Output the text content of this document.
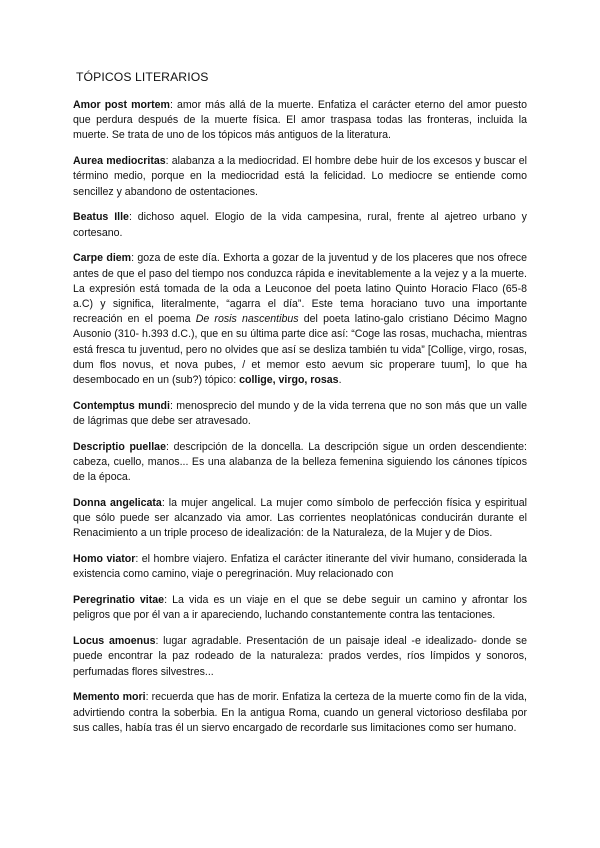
TÓPICOS LITERARIOS

Amor post mortem: amor más allá de la muerte. Enfatiza el carácter eterno del amor puesto que perdura después de la muerte física. El amor traspasa todas las fronteras, incluida la muerte. Se trata de uno de los tópicos más antiguos de la literatura.

Aurea mediocritas: alabanza a la mediocridad. El hombre debe huir de los excesos y buscar el término medio, porque en la mediocridad está la felicidad. Lo mediocre se entiende como sencillez y abandono de ostentaciones.

Beatus Ille: dichoso aquel. Elogio de la vida campesina, rural, frente al ajetreo urbano y cortesano.

Carpe diem: goza de este día. Exhorta a gozar de la juventud y de los placeres que nos ofrece antes de que el paso del tiempo nos conduzca rápida e inevitablemente a la vejez y a la muerte. La expresión está tomada de la oda a Leuconoe del poeta latino Quinto Horacio Flaco (65-8 a.C) y significa, literalmente, “agarra el día”. Este tema horaciano tuvo una importante recreación en el poema De rosis nascentibus del poeta latino-galo cristiano Décimo Magno Ausonio (310- h.393 d.C.), que en su última parte dice así: “Coge las rosas, muchacha, mientras está fresca tu juventud, pero no olvides que así se desliza también tu vida” [Collige, virgo, rosas, dum flos novus, et nova pubes, / et memor esto aevum sic properare tuum], lo que ha desembocado en un (sub?) tópico: collige, virgo, rosas.

Contemptus mundi: menosprecio del mundo y de la vida terrena que no son más que un valle de lágrimas que debe ser atravesado.

Descriptio puellae: descripción de la doncella. La descripción sigue un orden descendiente: cabeza, cuello, manos... Es una alabanza de la belleza femenina siguiendo los cánones típicos de la época.

Donna angelicata: la mujer angelical. La mujer como símbolo de perfección física y espiritual que sólo puede ser alcanzado via amor. Las corrientes neoplatónicas conducirán durante el Renacimiento a un triple proceso de idealización: de la Naturaleza, de la Mujer y de Dios.

Homo viator: el hombre viajero. Enfatiza el carácter itinerante del vivir humano, considerada la existencia como camino, viaje o peregrinación. Muy relacionado con

Peregrinatio vitae: La vida es un viaje en el que se debe seguir un camino y afrontar los peligros que por él van a ir apareciendo, luchando constantemente contra las tentaciones.

Locus amoenus: lugar agradable. Presentación de un paisaje ideal -e idealizado- donde se puede encontrar la paz rodeado de la naturaleza: prados verdes, ríos límpidos y sonoros, perfumadas flores silvestres...

Memento mori: recuerda que has de morir. Enfatiza la certeza de la muerte como fin de la vida, advirtiendo contra la soberbia. En la antigua Roma, cuando un general victorioso desfilaba por sus calles, había tras él un siervo encargado de recordarle sus limitaciones como ser humano.
